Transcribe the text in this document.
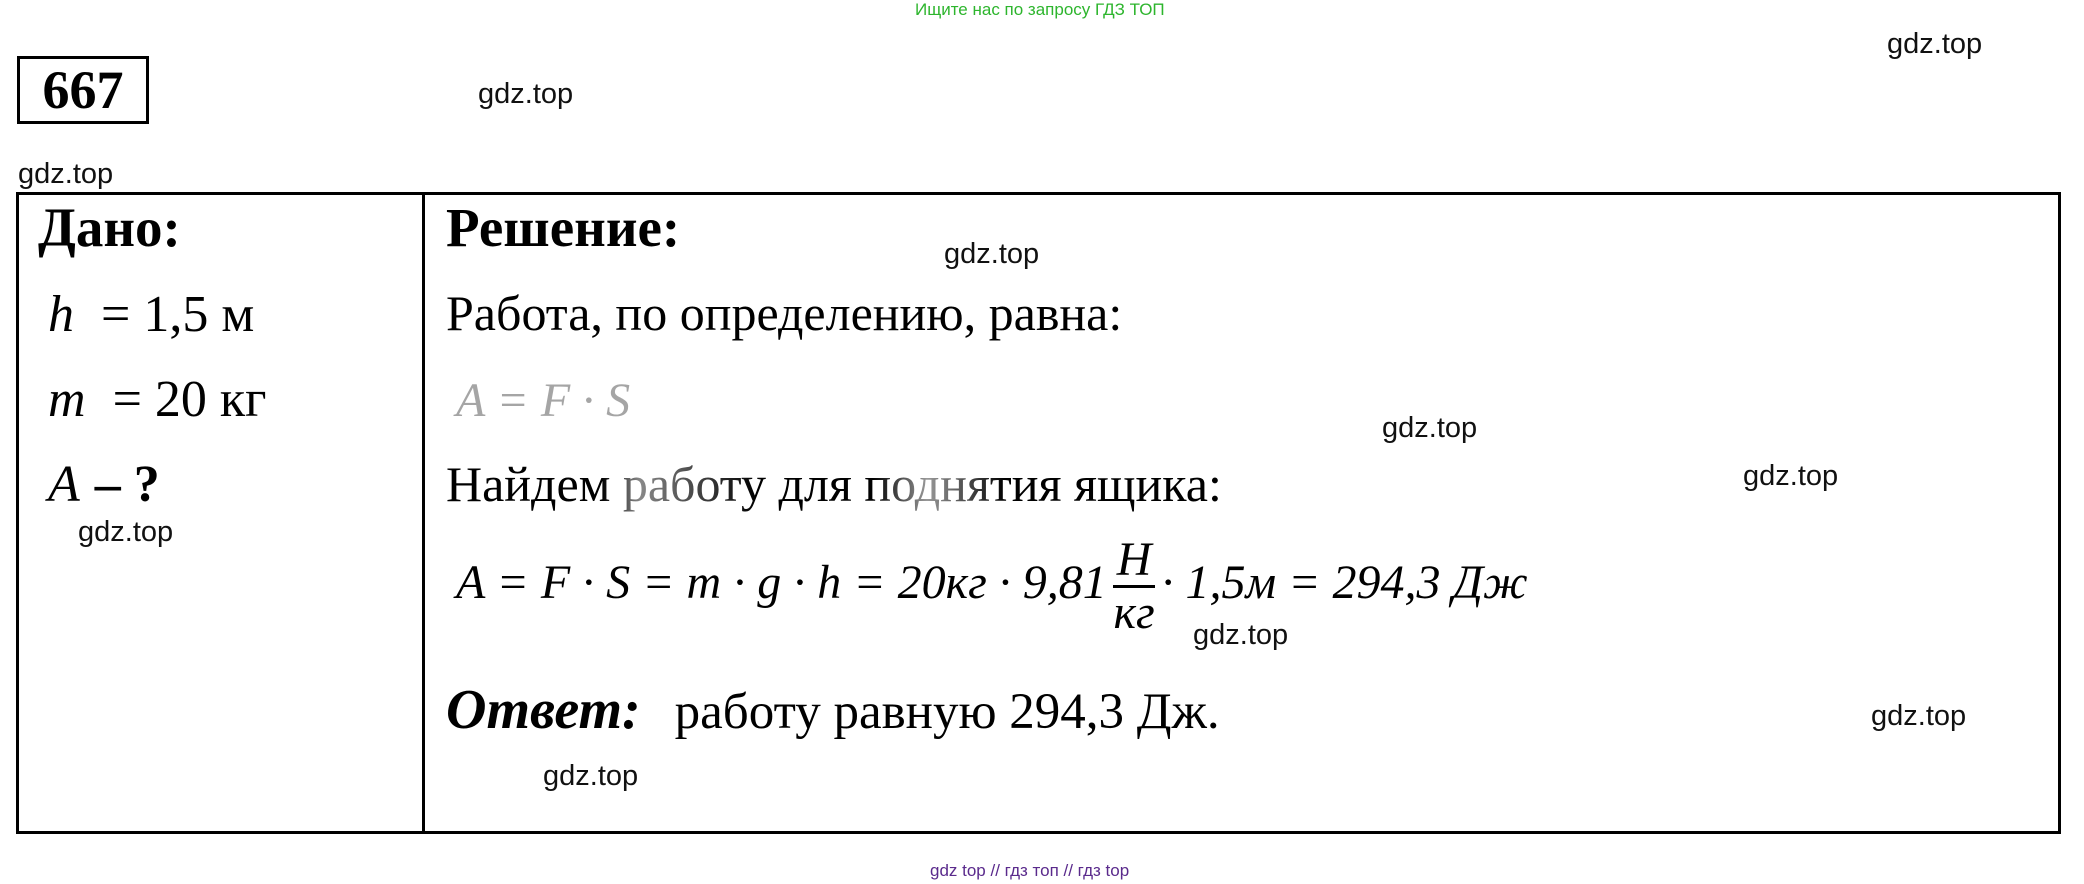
Ищите нас по запросу ГДЗ ТОП
667
gdz.top
gdz.top
gdz.top
gdz.top
gdz.top
gdz.top
gdz.top
gdz.top
gdz.top
gdz.top
Дано:
h = 1,5 м
m = 20 кг
A – ?
Решение:
Работа, по определению, равна:
A = F · S
Найдем работу для поднятия ящика:
$A = F \cdot S = m \cdot g \cdot h = 20кг \cdot 9,81 \frac{Н}{кг} \cdot 1,5м = 294,3$ Дж
Ответ: работу равную 294,3 Дж.
gdz top // гдз топ // гдз top
